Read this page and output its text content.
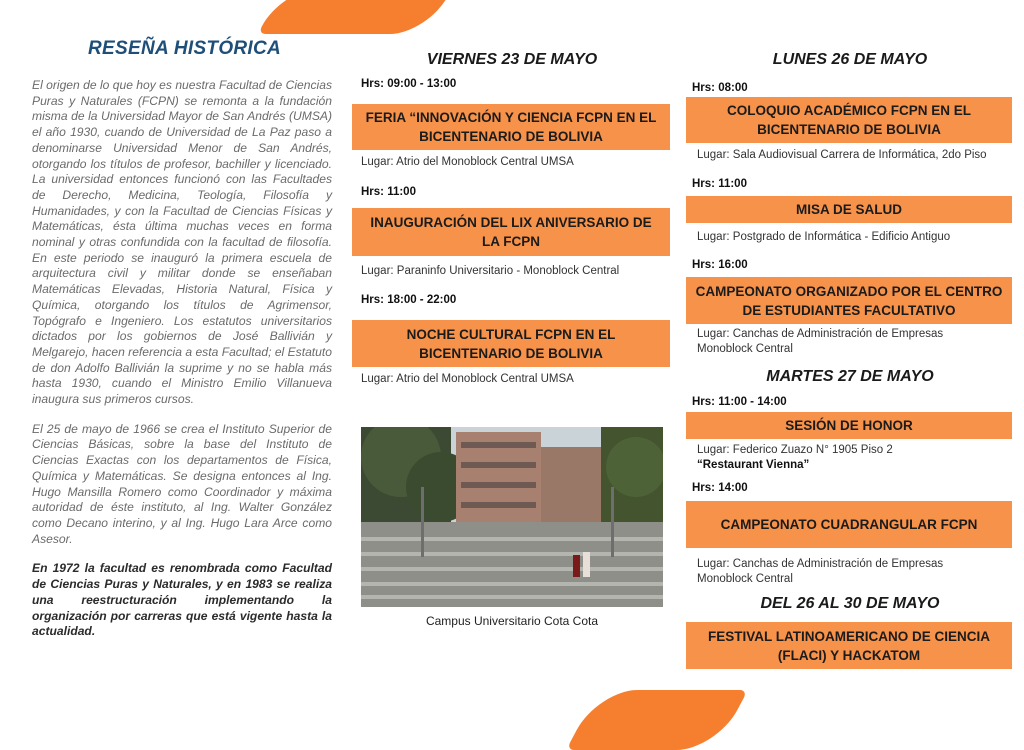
RESEÑA HISTÓRICA

El origen de lo que hoy es nuestra Facultad de Ciencias Puras y Naturales (FCPN) se remonta a la fundación misma de la Universidad Mayor de San Andrés (UMSA) el año 1930, cuando de Universidad de La Paz paso a denominarse Universidad Menor de San Andrés, otorgando los títulos de profesor, bachiller y licenciado. La universidad entonces funcionó con las Facultades de Derecho, Medicina, Teología, Filosofía y Humanidades, y con la Facultad de Ciencias Físicas y Matemáticas, ésta última muchas veces en forma nominal y otras confundida con la facultad de filosofía. En este periodo se inauguró la primera escuela de arquitectura civil y militar donde se enseñaban Matemáticas Elevadas, Historia Natural, Física y Química, otorgando los títulos de Agrimensor, Topógrafo e Ingeniero. Los estatutos universitarios dictados por los gobiernos de José Ballivián y Melgarejo, hacen referencia a esta Facultad; el Estatuto de don Adolfo Ballivián la suprime y no se habla más hasta 1930, cuando el Ministro Emilio Villanueva inaugura sus primeros cursos.

El 25 de mayo de 1966 se crea el Instituto Superior de Ciencias Básicas, sobre la base del Instituto de Ciencias Exactas con los departamentos de Física, Química y Matemáticas. Se designa entonces al Ing. Hugo Mansilla Romero como Coordinador y máxima autoridad de éste instituto, al Ing. Walter González como Decano interino, y al Ing. Hugo Lara Arce como Asesor.

En 1972 la facultad es renombrada como Facultad de Ciencias Puras y Naturales, y en 1983 se realiza una reestructuración implementando la organización por carreras que está vigente hasta la actualidad.

VIERNES 23 DE MAYO

Hrs: 09:00 - 13:00

FERIA “INNOVACIÓN Y CIENCIA FCPN EN EL BICENTENARIO DE BOLIVIA

Lugar: Atrio del Monoblock Central UMSA

Hrs: 11:00

INAUGURACIÓN DEL LIX ANIVERSARIO DE LA FCPN

Lugar: Paraninfo Universitario - Monoblock Central

Hrs: 18:00 - 22:00

NOCHE CULTURAL FCPN EN EL BICENTENARIO DE BOLIVIA

Lugar: Atrio del Monoblock Central UMSA

Campus Universitario Cota Cota

LUNES 26 DE MAYO

Hrs: 08:00

COLOQUIO ACADÉMICO FCPN EN EL BICENTENARIO DE BOLIVIA

Lugar: Sala Audiovisual Carrera de Informática, 2do Piso

Hrs: 11:00

MISA DE SALUD

Lugar: Postgrado de Informática - Edificio Antiguo

Hrs: 16:00

CAMPEONATO ORGANIZADO POR EL CENTRO DE ESTUDIANTES FACULTATIVO

Lugar: Canchas de Administración de Empresas Monoblock Central

MARTES 27 DE MAYO

Hrs: 11:00 - 14:00

SESIÓN DE HONOR

Lugar: Federico Zuazo N° 1905 Piso 2
“Restaurant Vienna”

Hrs: 14:00

CAMPEONATO CUADRANGULAR FCPN

Lugar: Canchas de Administración de Empresas Monoblock Central

DEL 26 AL 30 DE MAYO
FESTIVAL LATINOAMERICANO DE CIENCIA (FLACI) Y HACKATOM
